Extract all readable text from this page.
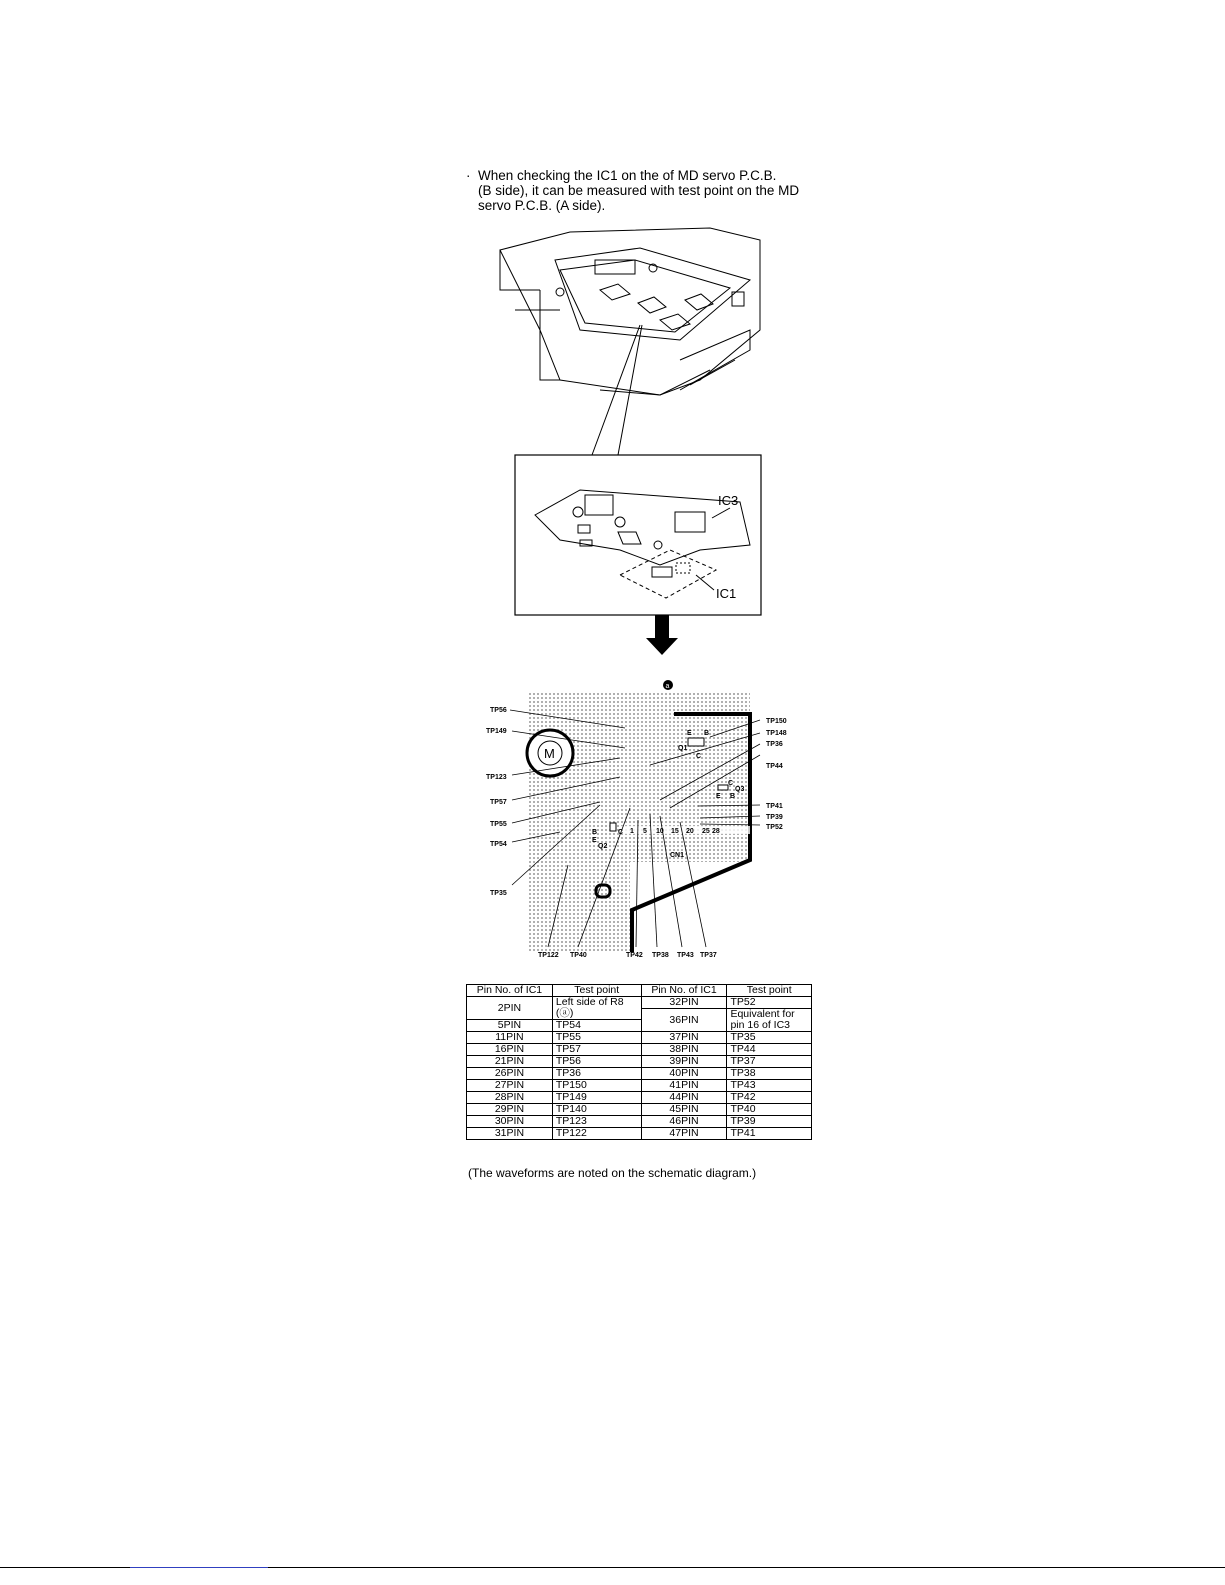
· When checking the IC1 on the of MD servo P.C.B.

(B side), it can be measured with test point on the MD

servo P.C.B. (A side).

IC3
IC1
M
a
Q1
Q2
Q3
CN1
E B
C
B
E
C
C
E B
1 5 10 15 20 25 28
TP56
TP149
TP123
TP57
TP55
TP54
TP35
TP150
TP148
TP36
TP44
TP41
TP39
TP52
TP122 TP40	TP42 TP38 TP43 TP37
Pin No. of IC1	Test point	Pin No. of IC1	Test point
2PIN	Left side of R8
(ⓐ)	32PIN	TP52
		36PIN	Equivalent for
pin 16 of IC3
5PIN	TP54		
11PIN	TP55	37PIN	TP35
16PIN	TP57	38PIN	TP44
21PIN	TP56	39PIN	TP37
26PIN	TP36	40PIN	TP38
27PIN	TP150	41PIN	TP43
28PIN	TP149	44PIN	TP42
29PIN	TP140	45PIN	TP40
30PIN	TP123	46PIN	TP39
31PIN	TP122	47PIN	TP41
(The waveforms are noted on the schematic diagram.)
